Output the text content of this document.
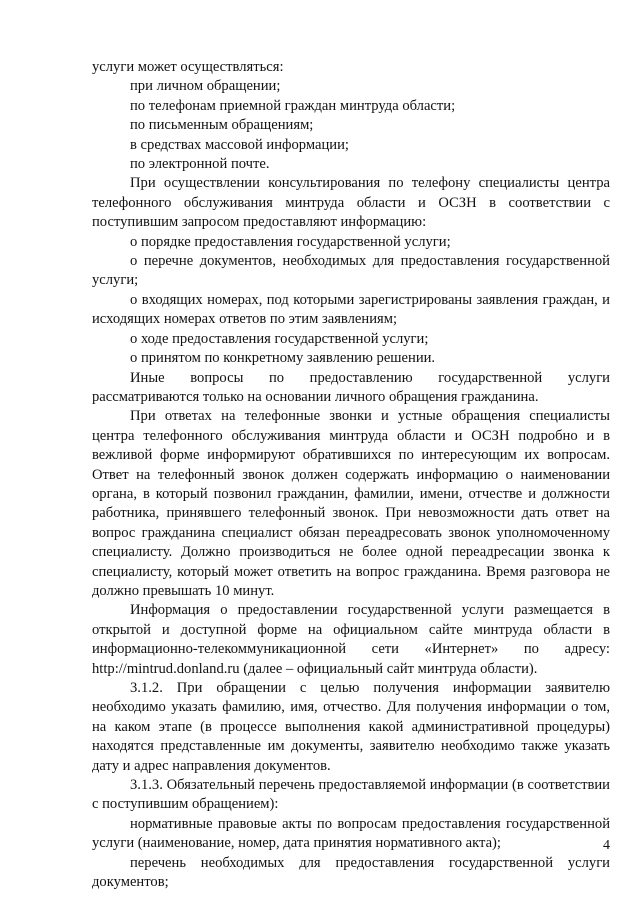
услуги может осуществляться:

при личном обращении;

по телефонам приемной граждан минтруда области;

по письменным обращениям;

в средствах массовой информации;

по электронной почте.

При осуществлении консультирования по телефону специалисты центра телефонного обслуживания минтруда области и ОСЗН в соответствии с поступившим запросом предоставляют информацию:

о порядке предоставления государственной услуги;

о перечне документов, необходимых для предоставления государственной услуги;

о входящих номерах, под которыми зарегистрированы заявления граждан, и исходящих номерах ответов по этим заявлениям;

о ходе предоставления государственной услуги;

о принятом по конкретному заявлению решении.

Иные вопросы по предоставлению государственной услуги рассматриваются только на основании личного обращения гражданина.

При ответах на телефонные звонки и устные обращения специалисты центра телефонного обслуживания минтруда области и ОСЗН подробно и в вежливой форме информируют обратившихся по интересующим их вопросам. Ответ на телефонный звонок должен содержать информацию о наименовании органа, в который позвонил гражданин, фамилии, имени, отчестве и должности работника, принявшего телефонный звонок. При невозможности дать ответ на вопрос гражданина специалист обязан переадресовать звонок уполномоченному специалисту. Должно производиться не более одной переадресации звонка к специалисту, который может ответить на вопрос гражданина. Время разговора не должно превышать 10 минут.

Информация о предоставлении государственной услуги размещается в открытой и доступной форме на официальном сайте минтруда области в информационно-телекоммуникационной сети «Интернет» по адресу: http://mintrud.donland.ru (далее – официальный сайт минтруда области).

3.1.2. При обращении с целью получения информации заявителю необходимо указать фамилию, имя, отчество. Для получения информации о том, на каком этапе (в процессе выполнения какой административной процедуры) находятся представленные им документы, заявителю необходимо также указать дату и адрес направления документов.

3.1.3. Обязательный перечень предоставляемой информации (в соответствии с поступившим обращением):

нормативные правовые акты по вопросам предоставления государственной услуги (наименование, номер, дата принятия нормативного акта);

перечень необходимых для предоставления государственной услуги документов;

4
